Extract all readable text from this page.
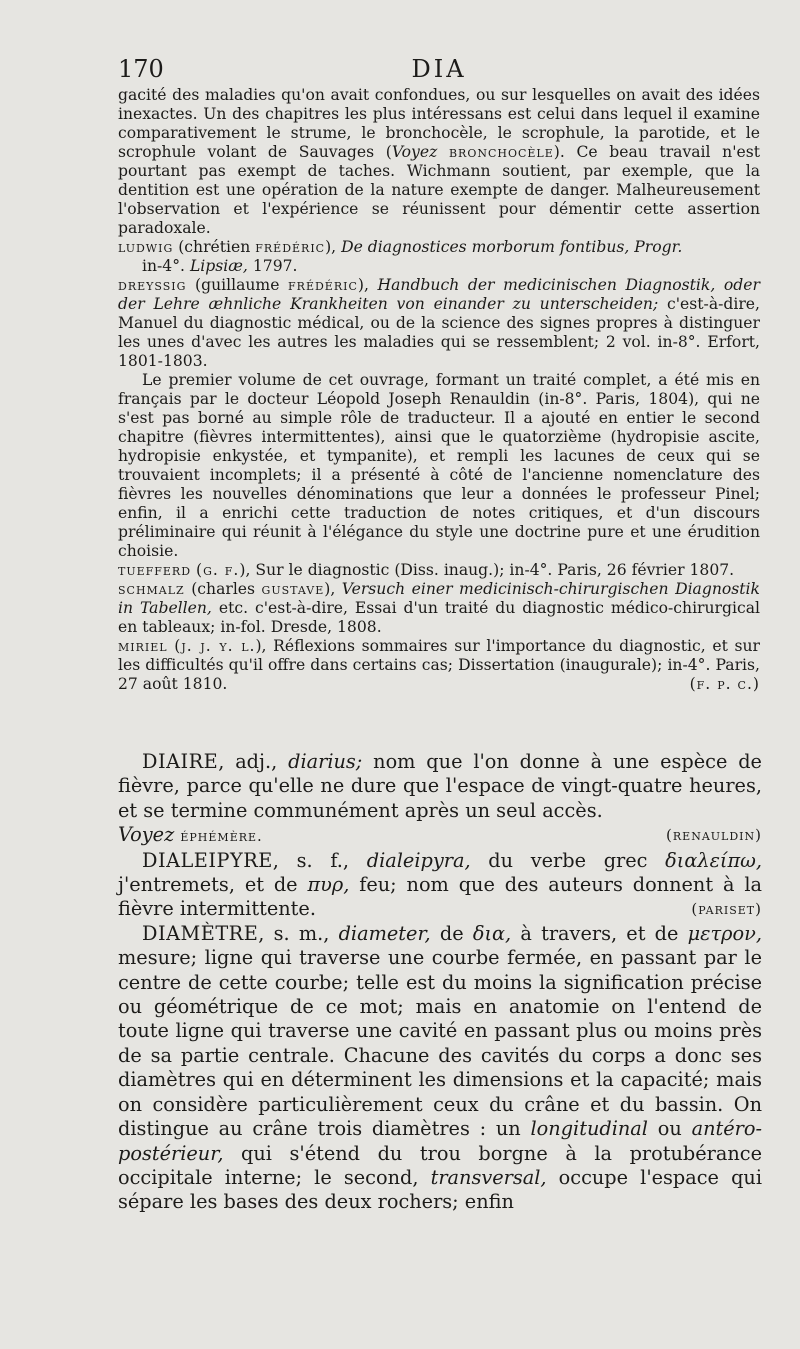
170	DIA

gacité des maladies qu'on avait confondues, ou sur lesquelles on avait des idées inexactes. Un des chapitres les plus intéressans est celui dans lequel il examine comparativement le strume, le bronchocèle, le scrophule, la parotide, et le scrophule volant de Sauvages (Voyez bronchocèle). Ce beau travail n'est pourtant pas exempt de taches. Wichmann soutient, par exemple, que la dentition est une opération de la nature exempte de danger. Malheureusement l'observation et l'expérience se réunissent pour démentir cette assertion paradoxale.

ludwig (chrétien frédéric), De diagnostices morborum fontibus, Progr.
in-4°. Lipsiæ, 1797.

dreyssig (guillaume frédéric), Handbuch der medicinischen Diagnostik, oder der Lehre æhnliche Krankheiten von einander zu unterscheiden; c'est-à-dire, Manuel du diagnostic médical, ou de la science des signes propres à distinguer les unes d'avec les autres les maladies qui se ressemblent; 2 vol. in-8°. Erfort, 1801-1803.

Le premier volume de cet ouvrage, formant un traité complet, a été mis en français par le docteur Léopold Joseph Renauldin (in-8°. Paris, 1804), qui ne s'est pas borné au simple rôle de traducteur. Il a ajouté en entier le second chapitre (fièvres intermittentes), ainsi que le quatorzième (hydropisie ascite, hydropisie enkystée, et tympanite), et rempli les lacunes de ceux qui se trouvaient incomplets; il a présenté à côté de l'ancienne nomenclature des fièvres les nouvelles dénominations que leur a données le professeur Pinel; enfin, il a enrichi cette traduction de notes critiques, et d'un discours préliminaire qui réunit à l'élégance du style une doctrine pure et une érudition choisie.

tuefferd (g. f.), Sur le diagnostic (Diss. inaug.); in-4°. Paris, 26 février 1807.

schmalz (charles gustave), Versuch einer medicinisch-chirurgischen Diagnostik in Tabellen, etc. c'est-à-dire, Essai d'un traité du diagnostic médico-chirurgical en tableaux; in-fol. Dresde, 1808.

miriel (j. j. y. l.), Réflexions sommaires sur l'importance du diagnostic, et sur les difficultés qu'il offre dans certains cas; Dissertation (inaugurale); in-4°. Paris, 27 août 1810.	(f. p. c.)

DIAIRE, adj., diarius; nom que l'on donne à une espèce de fièvre, parce qu'elle ne dure que l'espace de vingt-quatre heures, et se termine communément après un seul accès.
Voyez éphémère.	(renauldin)

DIALEIPYRE, s. f., dialeipyra, du verbe grec διαλείπω, j'entremets, et de πυρ, feu; nom que des auteurs donnent à la fièvre intermittente.	(pariset)

DIAMÈTRE, s. m., diameter, de δια, à travers, et de μετρον, mesure; ligne qui traverse une courbe fermée, en passant par le centre de cette courbe; telle est du moins la signification précise ou géométrique de ce mot; mais en anatomie on l'entend de toute ligne qui traverse une cavité en passant plus ou moins près de sa partie centrale. Chacune des cavités du corps a donc ses diamètres qui en déterminent les dimensions et la capacité; mais on considère particulièrement ceux du crâne et du bassin. On distingue au crâne trois diamètres : un longitudinal ou antéro-postérieur, qui s'étend du trou borgne à la protubérance occipitale interne; le second, transversal, occupe l'espace qui sépare les bases des deux rochers; enfin
